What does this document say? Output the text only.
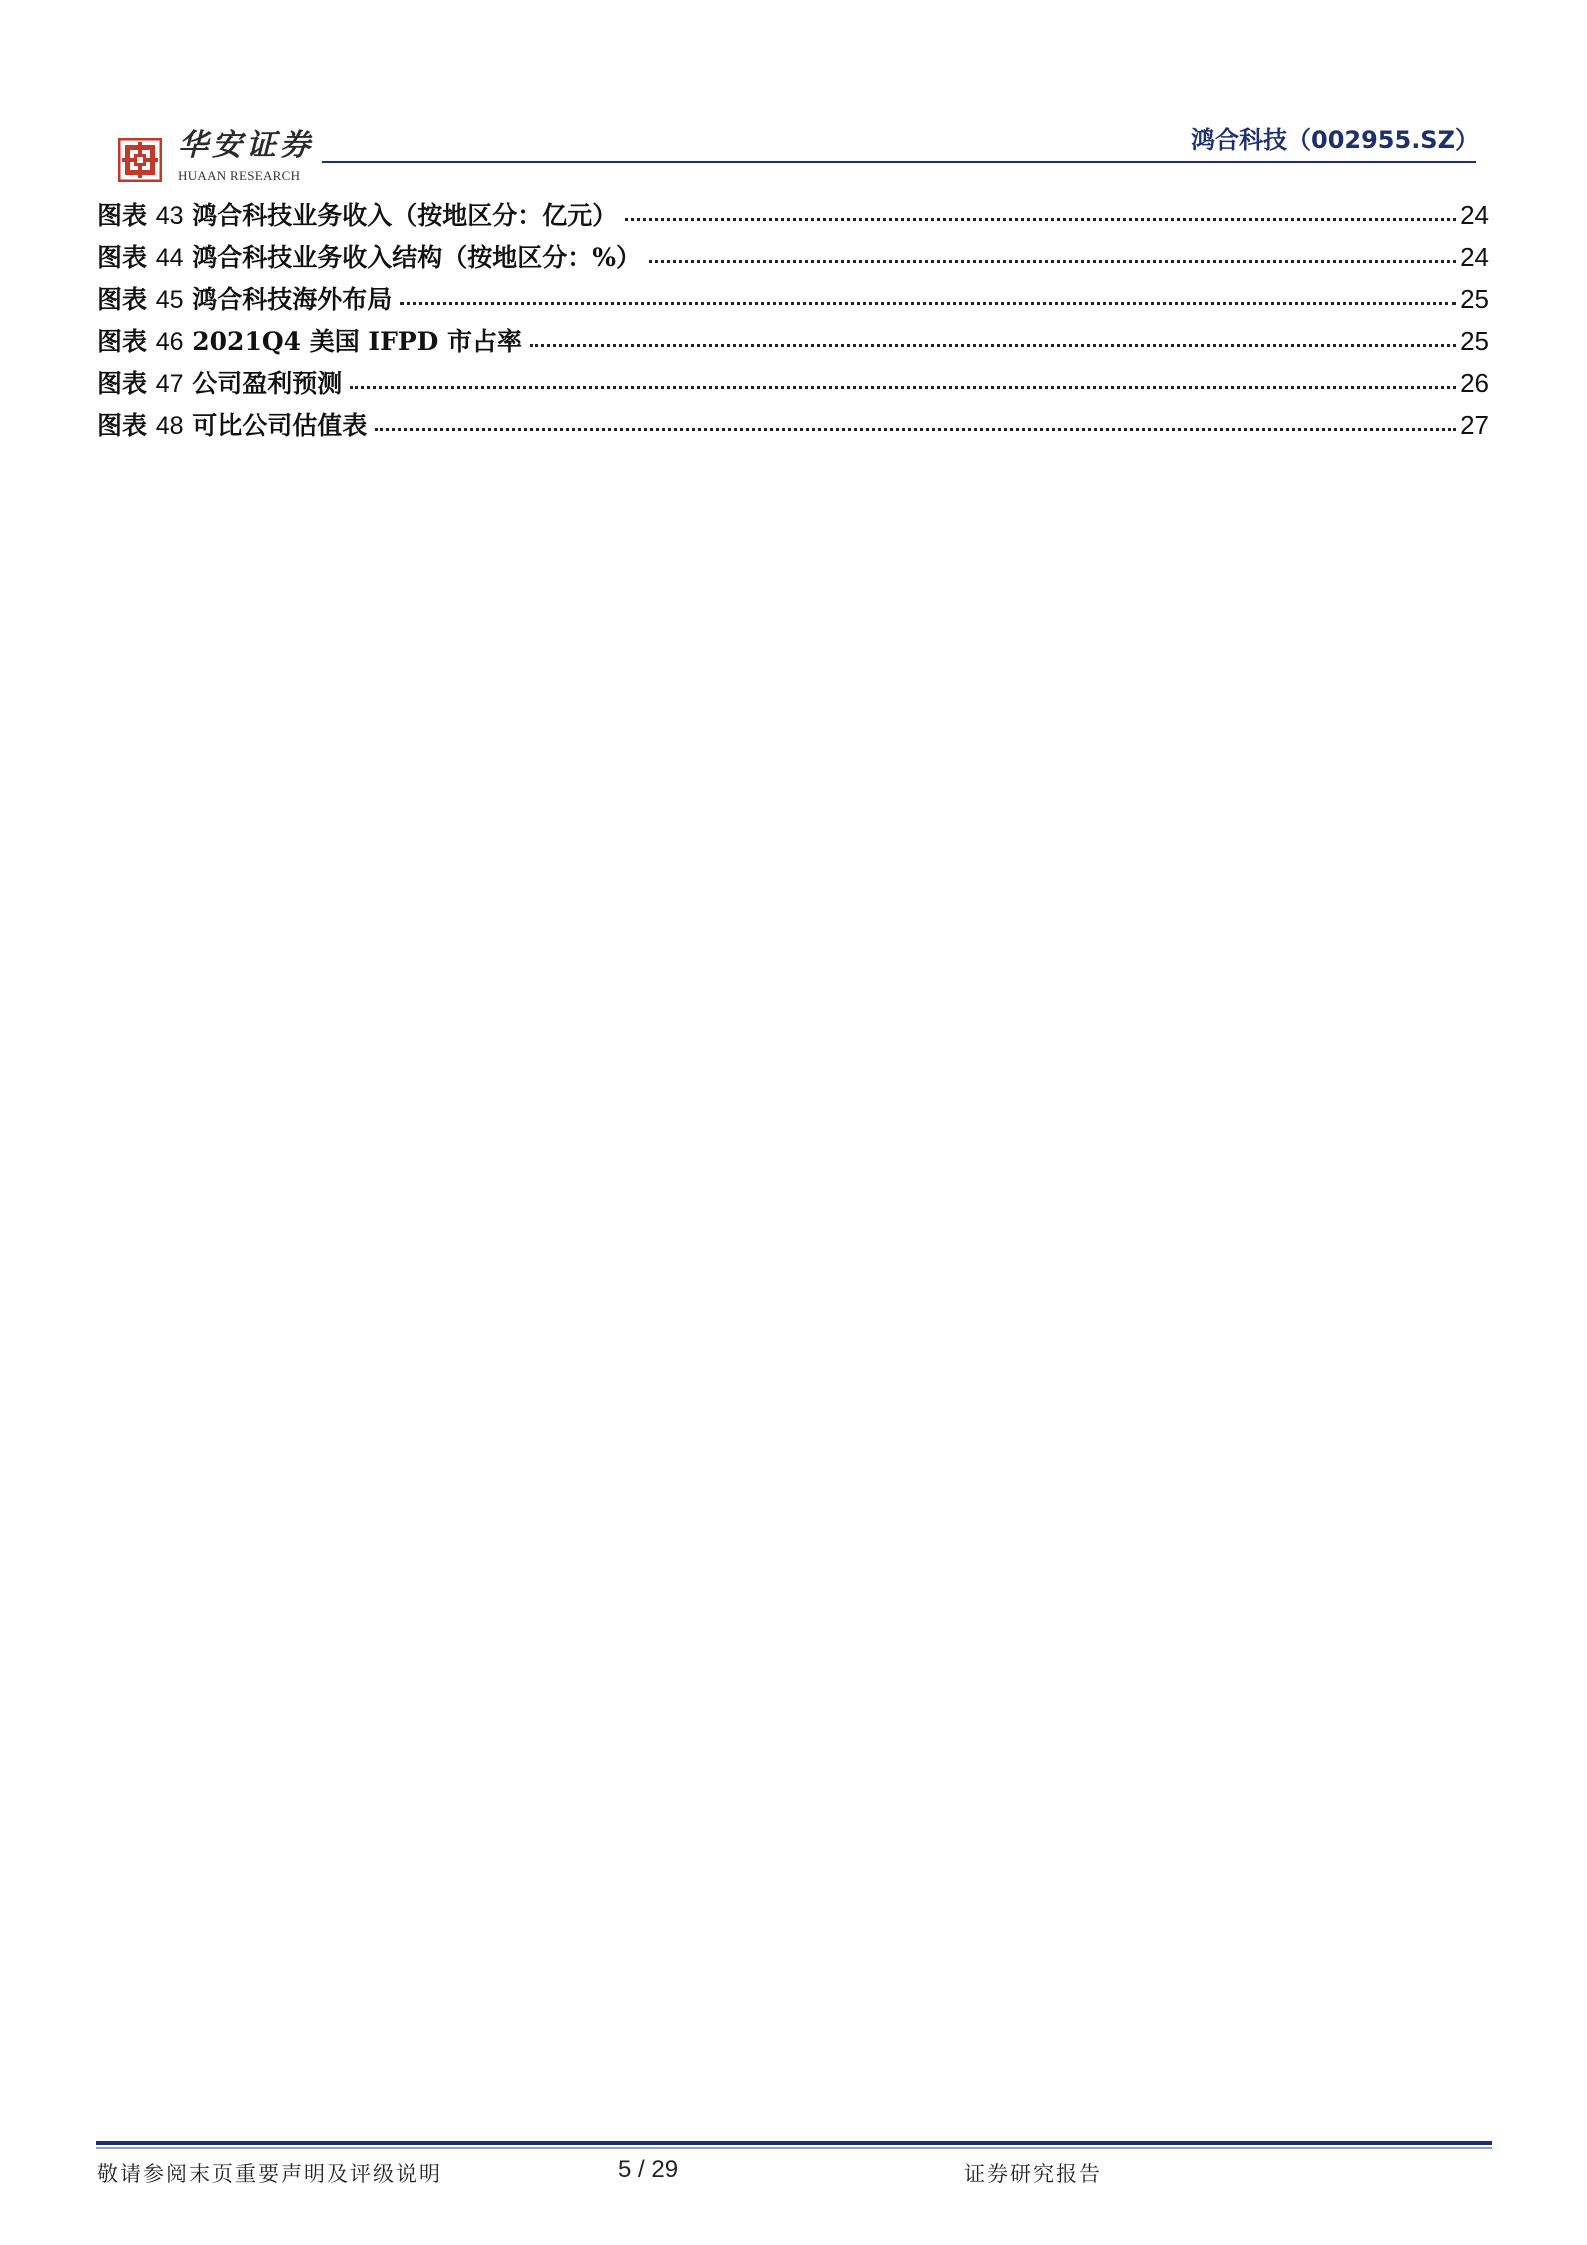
华安证券
HUAAN RESEARCH
鸿合科技（002955.SZ）
图表 43 鸿合科技业务收入（按地区分：亿元）	24
图表 44 鸿合科技业务收入结构（按地区分：%）	24
图表 45 鸿合科技海外布局	25
图表 46 2021Q4 美国 IFPD 市占率	25
图表 47 公司盈利预测	26
图表 48 可比公司估值表	27
敬请参阅末页重要声明及评级说明	5 / 29	证券研究报告
